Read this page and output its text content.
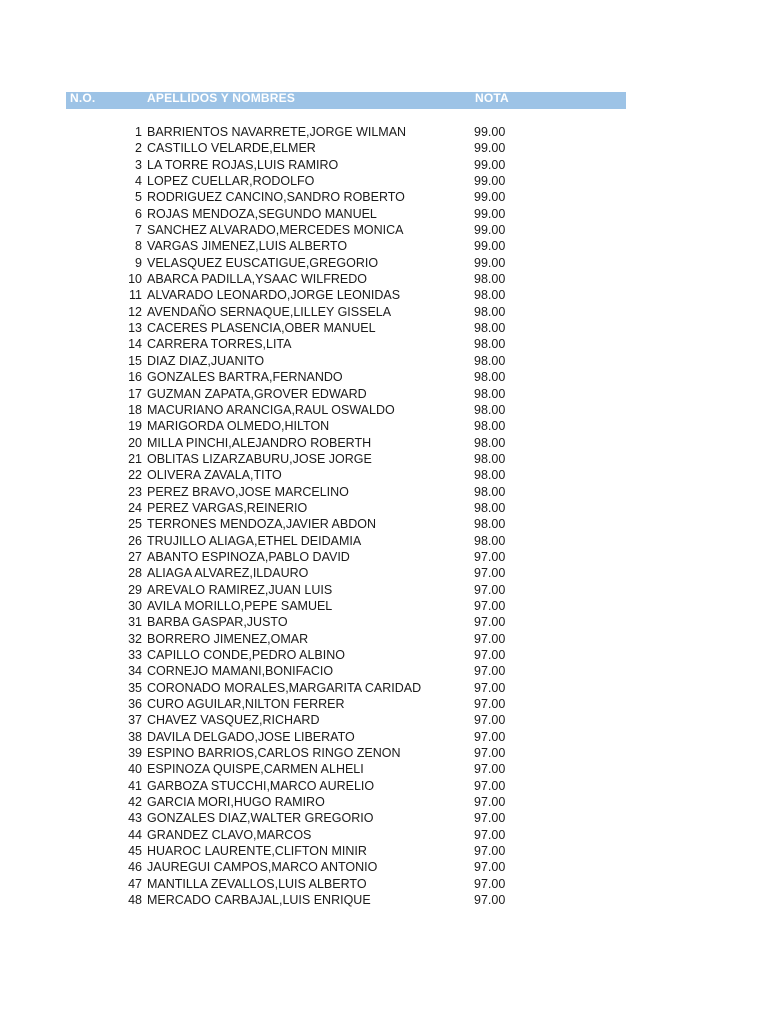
N.O.	APELLIDOS Y NOMBRES	NOTA
1 BARRIENTOS NAVARRETE,JORGE WILMAN	99.00
2 CASTILLO VELARDE,ELMER	99.00
3 LA TORRE ROJAS,LUIS RAMIRO	99.00
4 LOPEZ CUELLAR,RODOLFO	99.00
5 RODRIGUEZ CANCINO,SANDRO ROBERTO	99.00
6 ROJAS MENDOZA,SEGUNDO MANUEL	99.00
7 SANCHEZ ALVARADO,MERCEDES MONICA	99.00
8 VARGAS JIMENEZ,LUIS ALBERTO	99.00
9 VELASQUEZ EUSCATIGUE,GREGORIO	99.00
10 ABARCA PADILLA,YSAAC WILFREDO	98.00
11 ALVARADO LEONARDO,JORGE LEONIDAS	98.00
12 AVENDAÑO SERNAQUE,LILLEY GISSELA	98.00
13 CACERES PLASENCIA,OBER MANUEL	98.00
14 CARRERA TORRES,LITA	98.00
15 DIAZ DIAZ,JUANITO	98.00
16 GONZALES BARTRA,FERNANDO	98.00
17 GUZMAN ZAPATA,GROVER EDWARD	98.00
18 MACURIANO ARANCIGA,RAUL OSWALDO	98.00
19 MARIGORDA OLMEDO,HILTON	98.00
20 MILLA PINCHI,ALEJANDRO ROBERTH	98.00
21 OBLITAS LIZARZABURU,JOSE JORGE	98.00
22 OLIVERA ZAVALA,TITO	98.00
23 PEREZ BRAVO,JOSE MARCELINO	98.00
24 PEREZ VARGAS,REINERIO	98.00
25 TERRONES MENDOZA,JAVIER ABDON	98.00
26 TRUJILLO ALIAGA,ETHEL DEIDAMIA	98.00
27 ABANTO ESPINOZA,PABLO DAVID	97.00
28 ALIAGA ALVAREZ,ILDAURO	97.00
29 AREVALO RAMIREZ,JUAN LUIS	97.00
30 AVILA MORILLO,PEPE SAMUEL	97.00
31 BARBA GASPAR,JUSTO	97.00
32 BORRERO JIMENEZ,OMAR	97.00
33 CAPILLO CONDE,PEDRO ALBINO	97.00
34 CORNEJO MAMANI,BONIFACIO	97.00
35 CORONADO MORALES,MARGARITA CARIDAD	97.00
36 CURO AGUILAR,NILTON FERRER	97.00
37 CHAVEZ VASQUEZ,RICHARD	97.00
38 DAVILA DELGADO,JOSE LIBERATO	97.00
39 ESPINO BARRIOS,CARLOS RINGO ZENON	97.00
40 ESPINOZA QUISPE,CARMEN ALHELI	97.00
41 GARBOZA STUCCHI,MARCO AURELIO	97.00
42 GARCIA MORI,HUGO RAMIRO	97.00
43 GONZALES DIAZ,WALTER GREGORIO	97.00
44 GRANDEZ CLAVO,MARCOS	97.00
45 HUAROC LAURENTE,CLIFTON MINIR	97.00
46 JAUREGUI CAMPOS,MARCO ANTONIO	97.00
47 MANTILLA ZEVALLOS,LUIS ALBERTO	97.00
48 MERCADO CARBAJAL,LUIS ENRIQUE	97.00
